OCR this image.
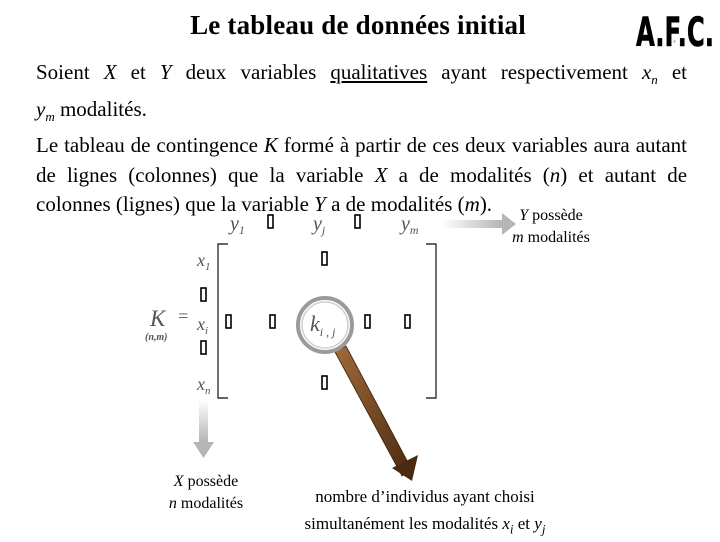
Le tableau de données initial	A.F.C.
·

Soient X et Y deux variables qualitatives ayant respectivement $x_n$ et

$y_m$ modalités.

Le tableau de contingence K formé à partir de ces deux variables aura autant de lignes (colonnes) que la variable X a de modalités (n) et autant de colonnes (lignes) que la variable Y a de modalités (m).

$y_1$	$y_j$	$y_m$
K
(n,m)
=
$x_1$
$x_i$
$x_n$
$k_{i , j}$
Y possède
m modalités
X possède
n modalités	nombre d’individus ayant choisi
simultanément les modalités $x_i$ et $y_j$
